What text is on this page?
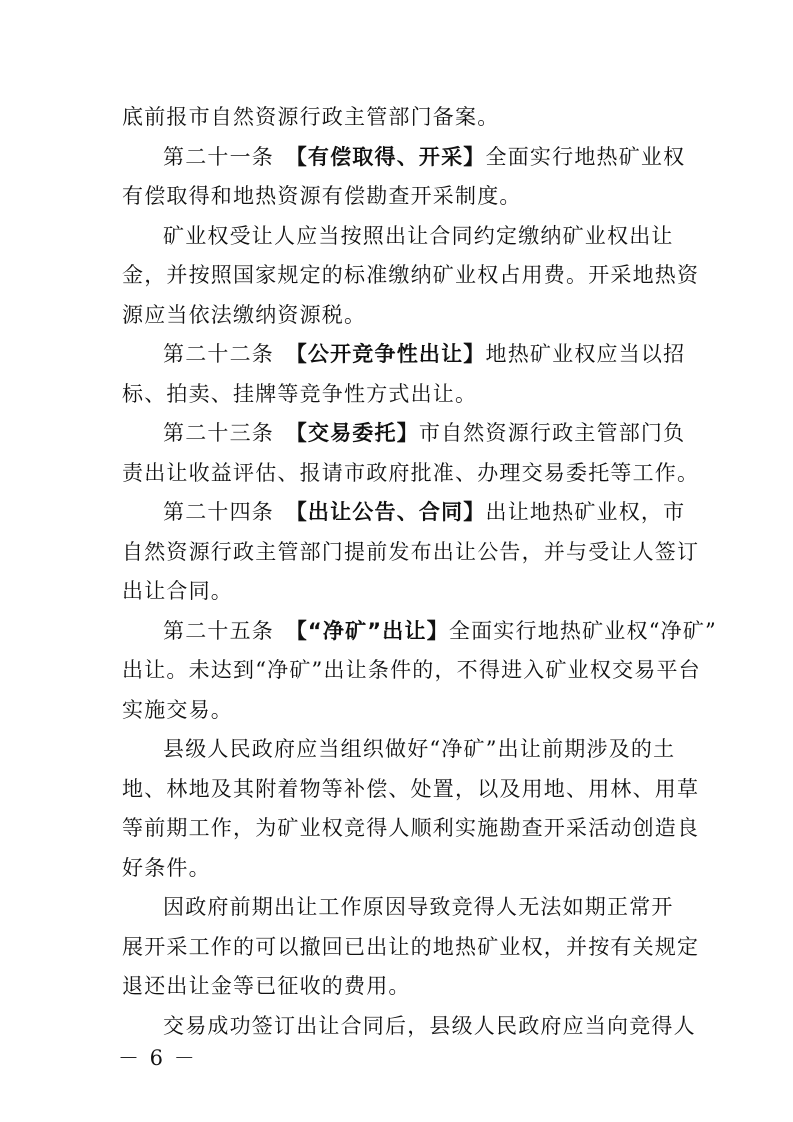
底前报市自然资源行政主管部门备案。
第二十一条　【有偿取得、开采】全面实行地热矿业权
有偿取得和地热资源有偿勘查开采制度。
矿业权受让人应当按照出让合同约定缴纳矿业权出让
金，并按照国家规定的标准缴纳矿业权占用费。开采地热资
源应当依法缴纳资源税。
第二十二条　【公开竞争性出让】地热矿业权应当以招
标、拍卖、挂牌等竞争性方式出让。
第二十三条　【交易委托】市自然资源行政主管部门负
责出让收益评估、报请市政府批准、办理交易委托等工作。
第二十四条　【出让公告、合同】出让地热矿业权，市
自然资源行政主管部门提前发布出让公告，并与受让人签订
出让合同。
第二十五条　【“净矿”出让】全面实行地热矿业权“净矿”
出让。未达到“净矿”出让条件的，不得进入矿业权交易平台
实施交易。
县级人民政府应当组织做好“净矿”出让前期涉及的土
地、林地及其附着物等补偿、处置，以及用地、用林、用草
等前期工作，为矿业权竞得人顺利实施勘查开采活动创造良
好条件。
因政府前期出让工作原因导致竞得人无法如期正常开
展开采工作的可以撤回已出让的地热矿业权，并按有关规定
退还出让金等已征收的费用。
交易成功签订出让合同后，县级人民政府应当向竞得人
－ 6 －
